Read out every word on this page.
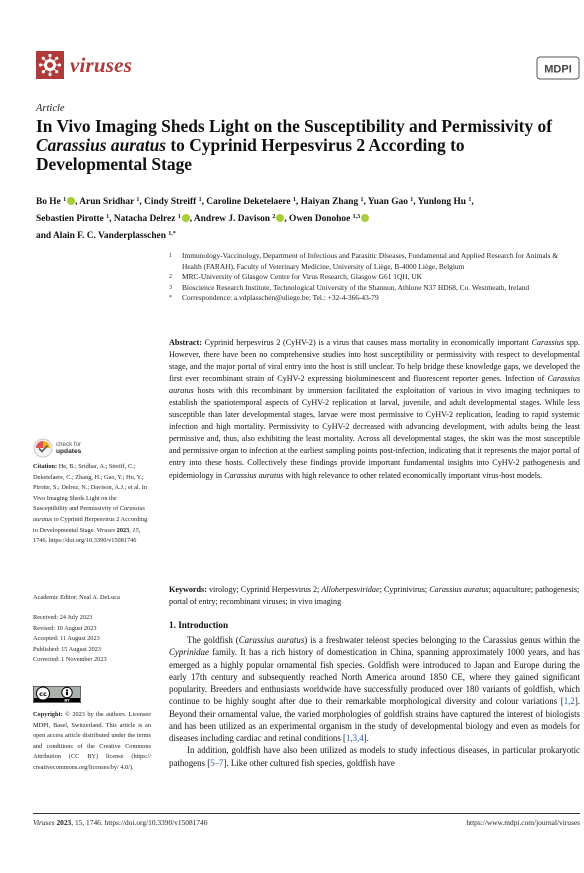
viruses	MDPI
Article
In Vivo Imaging Sheds Light on the Susceptibility and Permissivity of Carassius auratus to Cyprinid Herpesvirus 2 According to Developmental Stage
Bo He $^1$ , Arun Sridhar $^1$, Cindy Streiff $^1$, Caroline Deketelaere $^1$, Haiyan Zhang $^1$, Yuan Gao $^1$, Yunlong Hu $^1$,
Sebastien Pirotte $^1$, Natacha Delrez $^1$ , Andrew J. Davison $^2$ , Owen Donohoe $^{1,3}$
and Alain F. C. Vanderplasschen $^{1,*}$
1	Immunology-Vaccinology, Department of Infectious and Parasitic Diseases, Fundamental and Applied Research for Animals & Health (FARAH), Faculty of Veterinary Medicine, University of Liège, B-4000 Liège, Belgium
2	MRC-University of Glasgow Centre for Virus Research, Glasgow G61 1QH, UK
3	Bioscience Research Institute, Technological University of the Shannon, Athlone N37 HD68, Co. Westmeath, Ireland
*	Correspondence: a.vdplasschen@uliege.be; Tel.: +32-4-366-43-79
Abstract: Cyprinid herpesvirus 2 (CyHV-2) is a virus that causes mass mortality in economically important Carassius spp. However, there have been no comprehensive studies into host susceptibility or permissivity with respect to developmental stage, and the major portal of viral entry into the host is still unclear. To help bridge these knowledge gaps, we developed the first ever recombinant strain of CyHV-2 expressing bioluminescent and fluorescent reporter genes. Infection of Carassius auratus hosts with this recombinant by immersion facilitated the exploitation of various in vivo imaging techniques to establish the spatiotemporal aspects of CyHV-2 replication at larval, juvenile, and adult developmental stages. While less susceptible than later developmental stages, larvae were most permissive to CyHV-2 replication, leading to rapid systemic infection and high mortality. Permissivity to CyHV-2 decreased with advancing development, with adults being the least permissive and, thus, also exhibiting the least mortality. Across all developmental stages, the skin was the most susceptible and permissive organ to infection at the earliest sampling points post-infection, indicating that it represents the major portal of entry into these hosts. Collectively these findings provide important fundamental insights into CyHV-2 pathogenesis and epidemiology in Carassius auratus with high relevance to other related economically important virus-host models.
Keywords: virology; Cyprinid Herpesvirus 2; Alloherpesviridae; Cyprinivirus; Carassius auratus; aquaculture; pathogenesis; portal of entry; recombinant viruses; in vivo imaging
check for
updates
Citation: He, B.; Sridhar, A.; Streiff, C.; Deketelaere, C.; Zhang, H.; Gao, Y.; Hu, Y.; Pirotte, S.; Delrez, N.; Davison, A.J.; et al. In Vivo Imaging Sheds Light on the Susceptibility and Permissivity of Carassius auratus to Cyprinid Herpesvirus 2 According to Developmental Stage. Viruses 2023, 15, 1746. https://doi.org/10.3390/v15081746
Academic Editor: Neal A. DeLuca
Received: 24 July 2023
Revised: 10 August 2023
Accepted: 11 August 2023
Published: 15 August 2023
Corrected: 1 November 2023
cc
BY
Copyright: © 2023 by the authors. Licensee MDPI, Basel, Switzerland. This article is an open access article distributed under the terms and conditions of the Creative Commons Attribution (CC BY) license (https:// creativecommons.org/licenses/by/ 4.0/).
1. Introduction

The goldfish (Carassius auratus) is a freshwater teleost species belonging to the Carassius genus within the Cyprinidae family. It has a rich history of domestication in China, spanning approximately 1000 years, and has emerged as a highly popular ornamental fish species. Goldfish were introduced to Japan and Europe during the early 17th century and subsequently reached North America around 1850 CE, where they gained significant popularity. Breeders and enthusiasts worldwide have successfully produced over 180 variants of goldfish, which continue to be highly sought after due to their remarkable morphological diversity and colour variations [1,2]. Beyond their ornamental value, the varied morphologies of goldfish strains have captured the interest of biologists and has been utilized as an experimental organism in the study of developmental biology and even as models for diseases including cardiac and retinal conditions [1,3,4].

In addition, goldfish have also been utilized as models to study infectious diseases, in particular prokaryotic pathogens [5–7]. Like other cultured fish species, goldfish have

Viruses 2023, 15, 1746. https://doi.org/10.3390/v15081746	https://www.mdpi.com/journal/viruses
